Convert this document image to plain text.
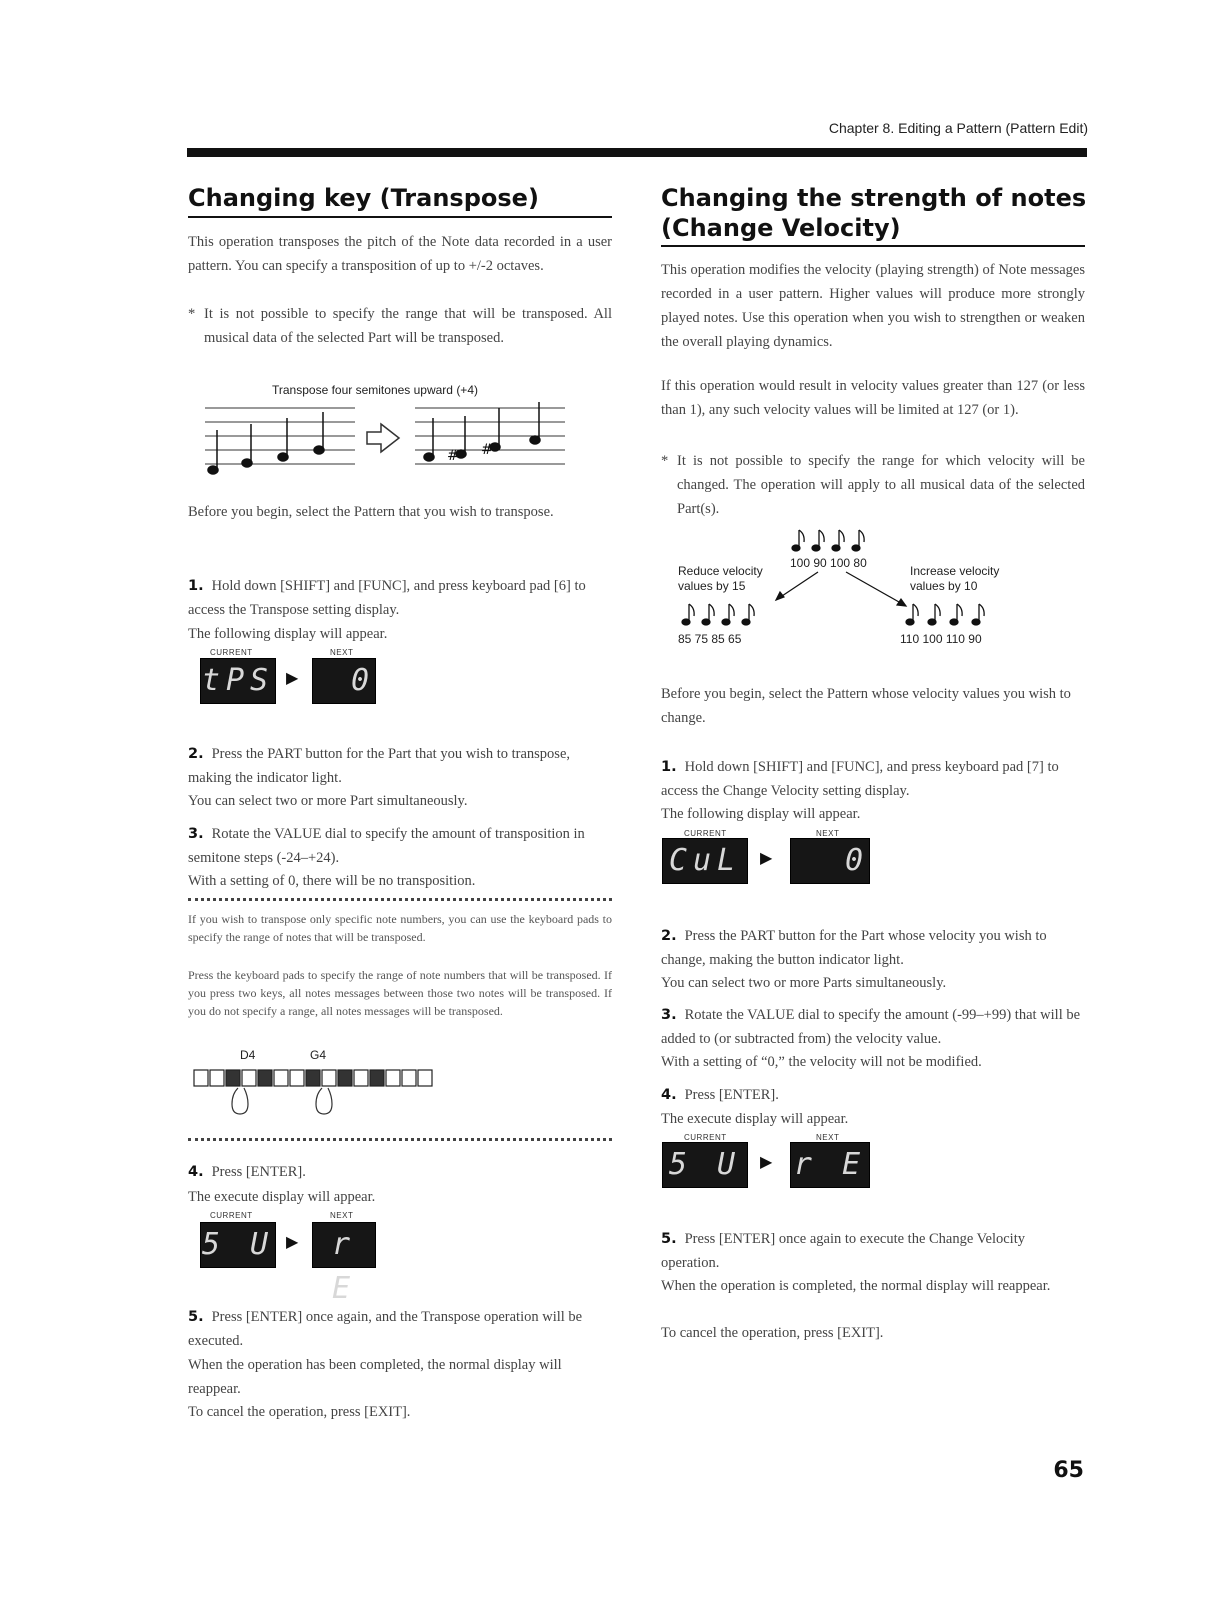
Chapter 8. Editing a Pattern (Pattern Edit)
Changing key (Transpose)
This operation transposes the pitch of the Note data recorded in a user pattern. You can specify a transposition of up to +/-2 octaves.
* It is not possible to specify the range that will be transposed. All musical data of the selected Part will be transposed.
Transpose four semitones upward (+4)
# #
Before you begin, select the Pattern that you wish to transpose.
1. Hold down [SHIFT] and [FUNC], and press keyboard pad [6] to access the Transpose setting display.
The following display will appear.
CURRENT	NEXT
tPS ▶	0
2. Press the PART button for the Part that you wish to transpose, making the indicator light.
You can select two or more Part simultaneously.
3. Rotate the VALUE dial to specify the amount of transposition in semitone steps (-24–+24).
With a setting of 0, there will be no transposition.
If you wish to transpose only specific note numbers, you can use the keyboard pads to specify the range of notes that will be transposed.
Press the keyboard pads to specify the range of note numbers that will be transposed. If you press two keys, all notes messages between those two notes will be transposed. If you do not specify a range, all notes messages will be transposed.
D4	G4
4. Press [ENTER].
The execute display will appear.
CURRENT	NEXT
5 U ▶	r E
5. Press [ENTER] once again, and the Transpose operation will be executed.
When the operation has been completed, the normal display will reappear.
To cancel the operation, press [EXIT].
Changing the strength of notes
(Change Velocity)
This operation modifies the velocity (playing strength) of Note messages recorded in a user pattern. Higher values will produce more strongly played notes. Use this operation when you wish to strengthen or weaken the overall playing dynamics.
If this operation would result in velocity values greater than 127 (or less than 1), any such velocity values will be limited at 127 (or 1).
* It is not possible to specify the range for which velocity will be changed. The operation will apply to all musical data of the selected Part(s).
100 90 100 80
Reduce velocity
values by 15
Increase velocity
values by 10
85 75 85 65	110 100 110 90
Before you begin, select the Pattern whose velocity values you wish to change.
1. Hold down [SHIFT] and [FUNC], and press keyboard pad [7] to access the Change Velocity setting display.
The following display will appear.
CURRENT	NEXT
CuL	▶	0
2. Press the PART button for the Part whose velocity you wish to change, making the button indicator light.
You can select two or more Parts simultaneously.
3. Rotate the VALUE dial to specify the amount (-99–+99) that will be added to (or subtracted from) the velocity value.
With a setting of “0,” the velocity will not be modified.
4. Press [ENTER].
The execute display will appear.
CURRENT	NEXT
5 U	▶ r E
5. Press [ENTER] once again to execute the Change Velocity operation.
When the operation is completed, the normal display will reappear.
To cancel the operation, press [EXIT].
65
